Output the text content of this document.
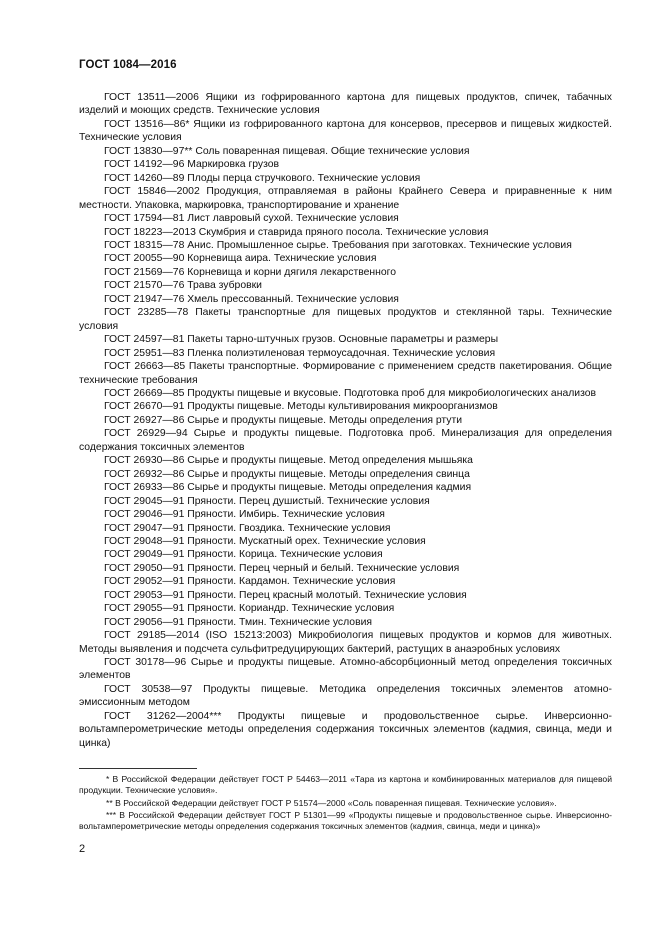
ГОСТ 1084—2016

ГОСТ 13511—2006 Ящики из гофрированного картона для пищевых продуктов, спичек, табачных изделий и моющих средств. Технические условия

ГОСТ 13516—86* Ящики из гофрированного картона для консервов, пресервов и пищевых жидкостей. Технические условия

ГОСТ 13830—97** Соль поваренная пищевая. Общие технические условия

ГОСТ 14192—96 Маркировка грузов

ГОСТ 14260—89 Плоды перца стручкового. Технические условия

ГОСТ 15846—2002 Продукция, отправляемая в районы Крайнего Севера и приравненные к ним местности. Упаковка, маркировка, транспортирование и хранение

ГОСТ 17594—81 Лист лавровый сухой. Технические условия

ГОСТ 18223—2013 Скумбрия и ставрида пряного посола. Технические условия

ГОСТ 18315—78 Анис. Промышленное сырье. Требования при заготовках. Технические условия

ГОСТ 20055—90 Корневища аира. Технические условия

ГОСТ 21569—76 Корневища и корни дягиля лекарственного

ГОСТ 21570—76 Трава зубровки

ГОСТ 21947—76 Хмель прессованный. Технические условия

ГОСТ 23285—78 Пакеты транспортные для пищевых продуктов и стеклянной тары. Технические условия

ГОСТ 24597—81 Пакеты тарно-штучных грузов. Основные параметры и размеры

ГОСТ 25951—83 Пленка полиэтиленовая термоусадочная. Технические условия

ГОСТ 26663—85 Пакеты транспортные. Формирование с применением средств пакетирования. Общие технические требования

ГОСТ 26669—85 Продукты пищевые и вкусовые. Подготовка проб для микробиологических анализов

ГОСТ 26670—91 Продукты пищевые. Методы культивирования микроорганизмов

ГОСТ 26927—86 Сырье и продукты пищевые. Методы определения ртути

ГОСТ 26929—94 Сырье и продукты пищевые. Подготовка проб. Минерализация для определения содержания токсичных элементов

ГОСТ 26930—86 Сырье и продукты пищевые. Метод определения мышьяка

ГОСТ 26932—86 Сырье и продукты пищевые. Методы определения свинца

ГОСТ 26933—86 Сырье и продукты пищевые. Методы определения кадмия

ГОСТ 29045—91 Пряности. Перец душистый. Технические условия

ГОСТ 29046—91 Пряности. Имбирь. Технические условия

ГОСТ 29047—91 Пряности. Гвоздика. Технические условия

ГОСТ 29048—91 Пряности. Мускатный орех. Технические условия

ГОСТ 29049—91 Пряности. Корица. Технические условия

ГОСТ 29050—91 Пряности. Перец черный и белый. Технические условия

ГОСТ 29052—91 Пряности. Кардамон. Технические условия

ГОСТ 29053—91 Пряности. Перец красный молотый. Технические условия

ГОСТ 29055—91 Пряности. Кориандр. Технические условия

ГОСТ 29056—91 Пряности. Тмин. Технические условия

ГОСТ 29185—2014 (ISO 15213:2003) Микробиология пищевых продуктов и кормов для животных. Методы выявления и подсчета сульфитредуцирующих бактерий, растущих в анаэробных условиях

ГОСТ 30178—96 Сырье и продукты пищевые. Атомно-абсорбционный метод определения токсичных элементов

ГОСТ 30538—97 Продукты пищевые. Методика определения токсичных элементов атомно-эмиссионным методом

ГОСТ 31262—2004*** Продукты пищевые и продовольственное сырье. Инверсионно-вольтамперометрические методы определения содержания токсичных элементов (кадмия, свинца, меди и цинка)

* В Российской Федерации действует ГОСТ Р 54463—2011 «Тара из картона и комбинированных материалов для пищевой продукции. Технические условия».

** В Российской Федерации действует ГОСТ Р 51574—2000 «Соль поваренная пищевая. Технические условия».

*** В Российской Федерации действует ГОСТ Р 51301—99 «Продукты пищевые и продовольственное сырье. Инверсионно-вольтамперометрические методы определения содержания токсичных элементов (кадмия, свинца, меди и цинка)»

2
